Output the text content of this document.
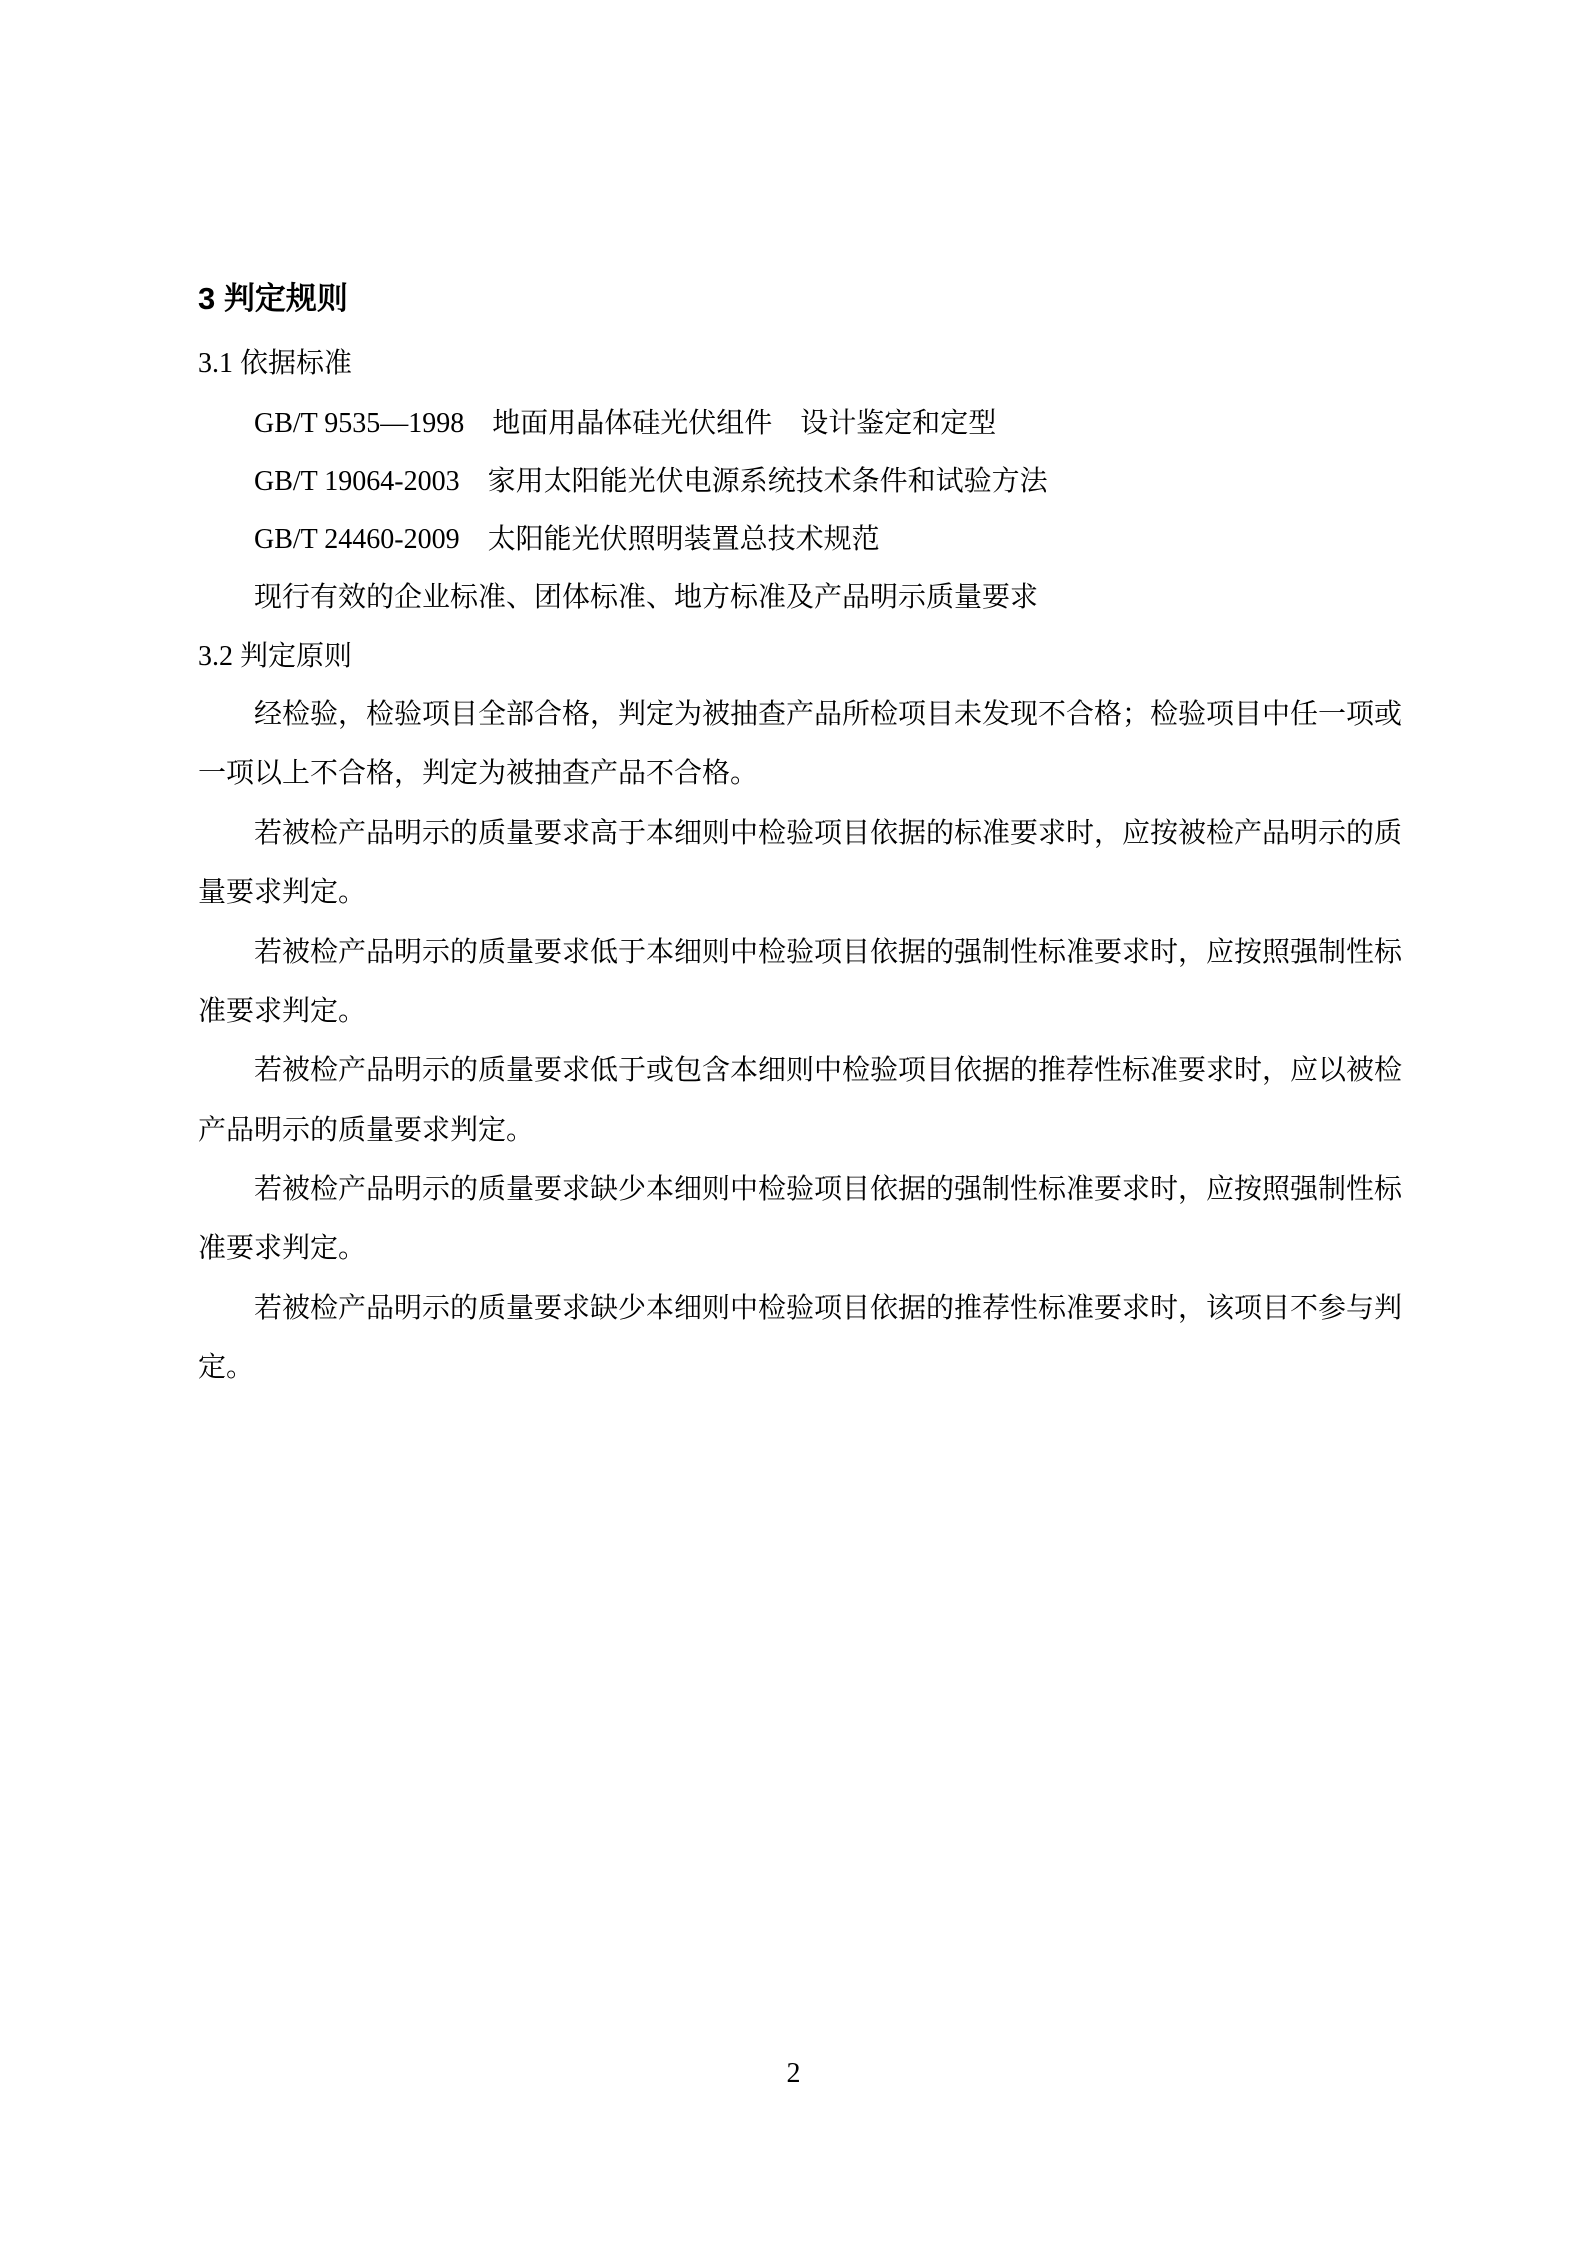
3 判定规则
3.1 依据标准
GB/T 9535—1998　地面用晶体硅光伏组件　设计鉴定和定型
GB/T 19064-2003　家用太阳能光伏电源系统技术条件和试验方法
GB/T 24460-2009　太阳能光伏照明装置总技术规范
现行有效的企业标准、团体标准、地方标准及产品明示质量要求
3.2 判定原则
经检验，检验项目全部合格，判定为被抽查产品所检项目未发现不合格；检验项目中任一项或
一项以上不合格，判定为被抽查产品不合格。
若被检产品明示的质量要求高于本细则中检验项目依据的标准要求时，应按被检产品明示的质
量要求判定。
若被检产品明示的质量要求低于本细则中检验项目依据的强制性标准要求时，应按照强制性标
准要求判定。
若被检产品明示的质量要求低于或包含本细则中检验项目依据的推荐性标准要求时，应以被检
产品明示的质量要求判定。
若被检产品明示的质量要求缺少本细则中检验项目依据的强制性标准要求时，应按照强制性标
准要求判定。
若被检产品明示的质量要求缺少本细则中检验项目依据的推荐性标准要求时，该项目不参与判
定。
2
